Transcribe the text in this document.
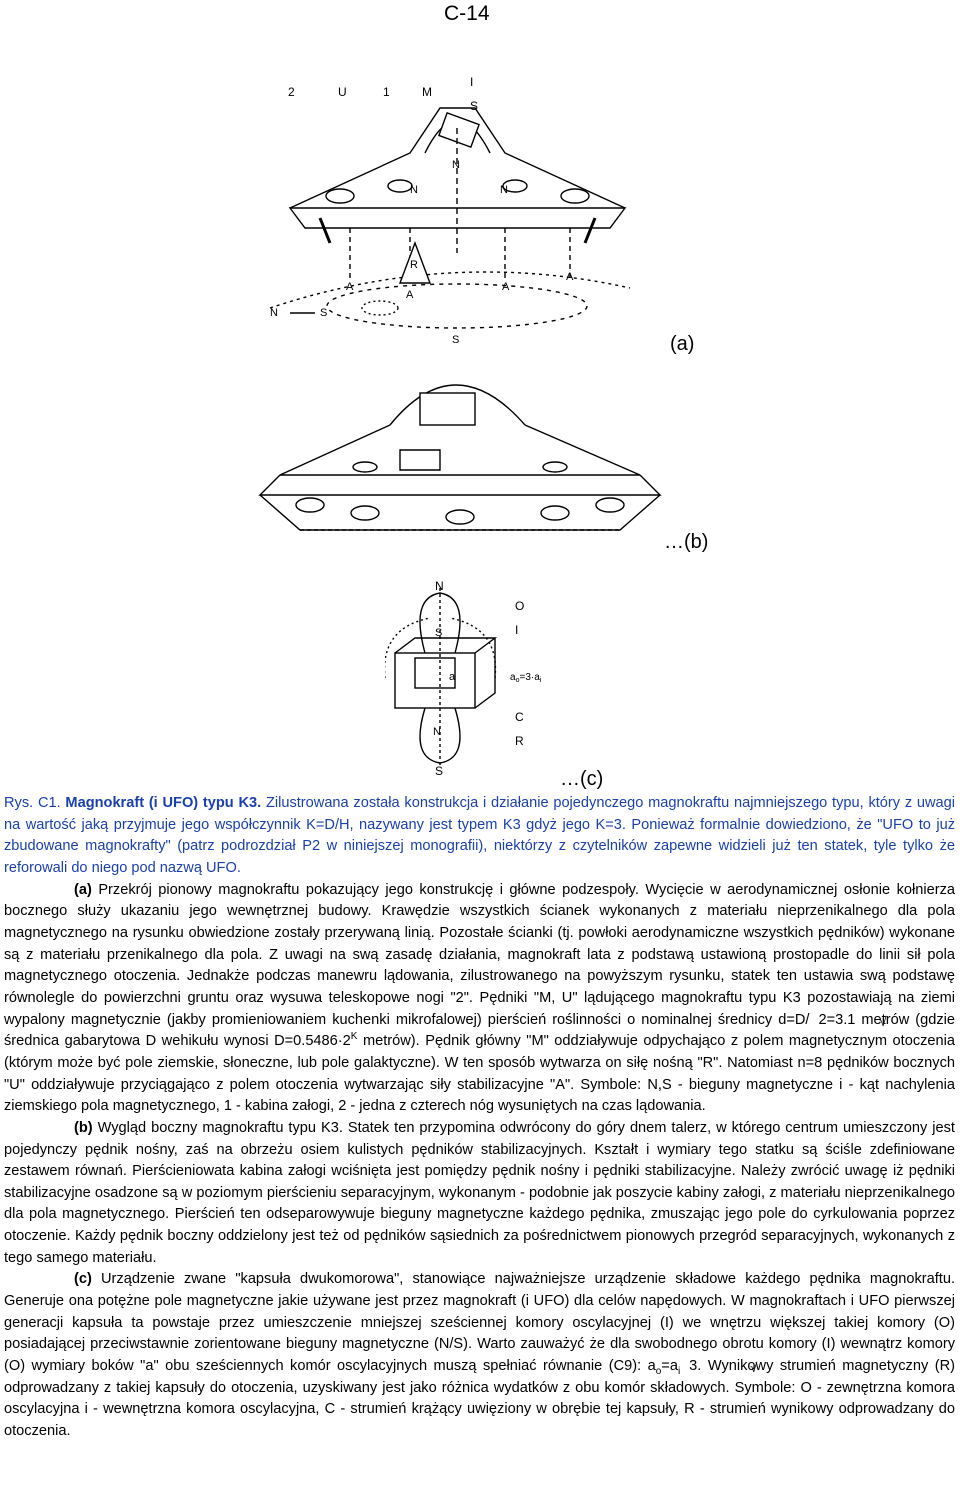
C-14
2	U	1	M
I
S
N
N
N
A
A
R
A
A
N	S
S
N
O
I
S
a	$a_o=3\cdot a_i$
C
R
N
S
(a)
…(b)
…(c)

Rys. C1. Magnokraft (i UFO) typu K3. Zilustrowana została konstrukcja i działanie pojedynczego magnokraftu najmniejszego typu, który z uwagi na wartość jaką przyjmuje jego współczynnik K=D/H, nazywany jest typem K3 gdyż jego K=3. Ponieważ formalnie dowiedziono, że "UFO to już zbudowane magnokrafty" (patrz podrozdział P2 w niniejszej monografii), niektórzy z czytelników zapewne widzieli już ten statek, tyle tylko że reforowali do niego pod nazwą UFO.

(a) Przekrój pionowy magnokraftu pokazujący jego konstrukcję i główne podzespoły. Wycięcie w aerodynamicznej osłonie kołnierza bocznego służy ukazaniu jego wewnętrznej budowy. Krawędzie wszystkich ścianek wykonanych z materiału nieprzenikalnego dla pola magnetycznego na rysunku obwiedzione zostały przerywaną linią. Pozostałe ścianki (tj. powłoki aerodynamiczne wszystkich pędników) wykonane są z materiału przenikalnego dla pola. Z uwagi na swą zasadę działania, magnokraft lata z podstawą ustawioną prostopadle do linii sił pola magnetycznego otoczenia. Jednakże podczas manewru lądowania, zilustrowanego na powyższym rysunku, statek ten ustawia swą podstawę równolegle do powierzchni gruntu oraz wysuwa teleskopowe nogi "2". Pędniki "M, U" lądującego magnokraftu typu K3 pozostawiają na ziemi wypalony magnetycznie (jakby promieniowaniem kuchenki mikrofalowej) pierścień roślinności o nominalnej średnicy d=D/√ 2=3.1 metrów (gdzie średnica gabarytowa D wehikułu wynosi $D=0.5486\cdot 2^K$ metrów). Pędnik główny "M" oddziaływuje odpychająco z polem magnetycznym otoczenia (którym może być pole ziemskie, słoneczne, lub pole galaktyczne). W ten sposób wytwarza on siłę nośną "R". Natomiast n=8 pędników bocznych "U" oddziaływuje przyciągająco z polem otoczenia wytwarzając siły stabilizacyjne "A". Symbole: N,S - bieguny magnetyczne i - kąt nachylenia ziemskiego pola magnetycznego, 1 - kabina załogi, 2 - jedna z czterech nóg wysuniętych na czas lądowania.

(b) Wygląd boczny magnokraftu typu K3. Statek ten przypomina odwrócony do góry dnem talerz, w którego centrum umieszczony jest pojedynczy pędnik nośny, zaś na obrzeżu osiem kulistych pędników stabilizacyjnych. Kształt i wymiary tego statku są ściśle zdefiniowane zestawem równań. Pierścieniowata kabina załogi wciśnięta jest pomiędzy pędnik nośny i pędniki stabilizacyjne. Należy zwrócić uwagę iż pędniki stabilizacyjne osadzone są w poziomym pierścieniu separacyjnym, wykonanym - podobnie jak poszycie kabiny załogi, z materiału nieprzenikalnego dla pola magnetycznego. Pierścień ten odseparowywuje bieguny magnetyczne każdego pędnika, zmuszając jego pole do cyrkulowania poprzez otoczenie. Każdy pędnik boczny oddzielony jest też od pędników sąsiednich za pośrednictwem pionowych przegród separacyjnych, wykonanych z tego samego materiału.

(c) Urządzenie zwane "kapsuła dwukomorowa", stanowiące najważniejsze urządzenie składowe każdego pędnika magnokraftu. Generuje ona potężne pole magnetyczne jakie używane jest przez magnokraft (i UFO) dla celów napędowych. W magnokraftach i UFO pierwszej generacji kapsuła ta powstaje przez umieszczenie mniejszej sześciennej komory oscylacyjnej (I) we wnętrzu większej takiej komory (O) posiadającej przeciwstawnie zorientowane bieguny magnetyczne (N/S). Warto zauważyć że dla swobodnego obrotu komory (I) wewnątrz komory (O) wymiary boków "a" obu sześciennych komór oscylacyjnych muszą spełniać równanie (C9): $a_o=a_i√$ 3. Wynikowy strumień magnetyczny (R) odprowadzany z takiej kapsuły do otoczenia, uzyskiwany jest jako różnica wydatków z obu komór składowych. Symbole: O - zewnętrzna komora oscylacyjna i - wewnętrzna komora oscylacyjna, C - strumień krążący uwięziony w obrębie tej kapsuły, R - strumień wynikowy odprowadzany do otoczenia.
